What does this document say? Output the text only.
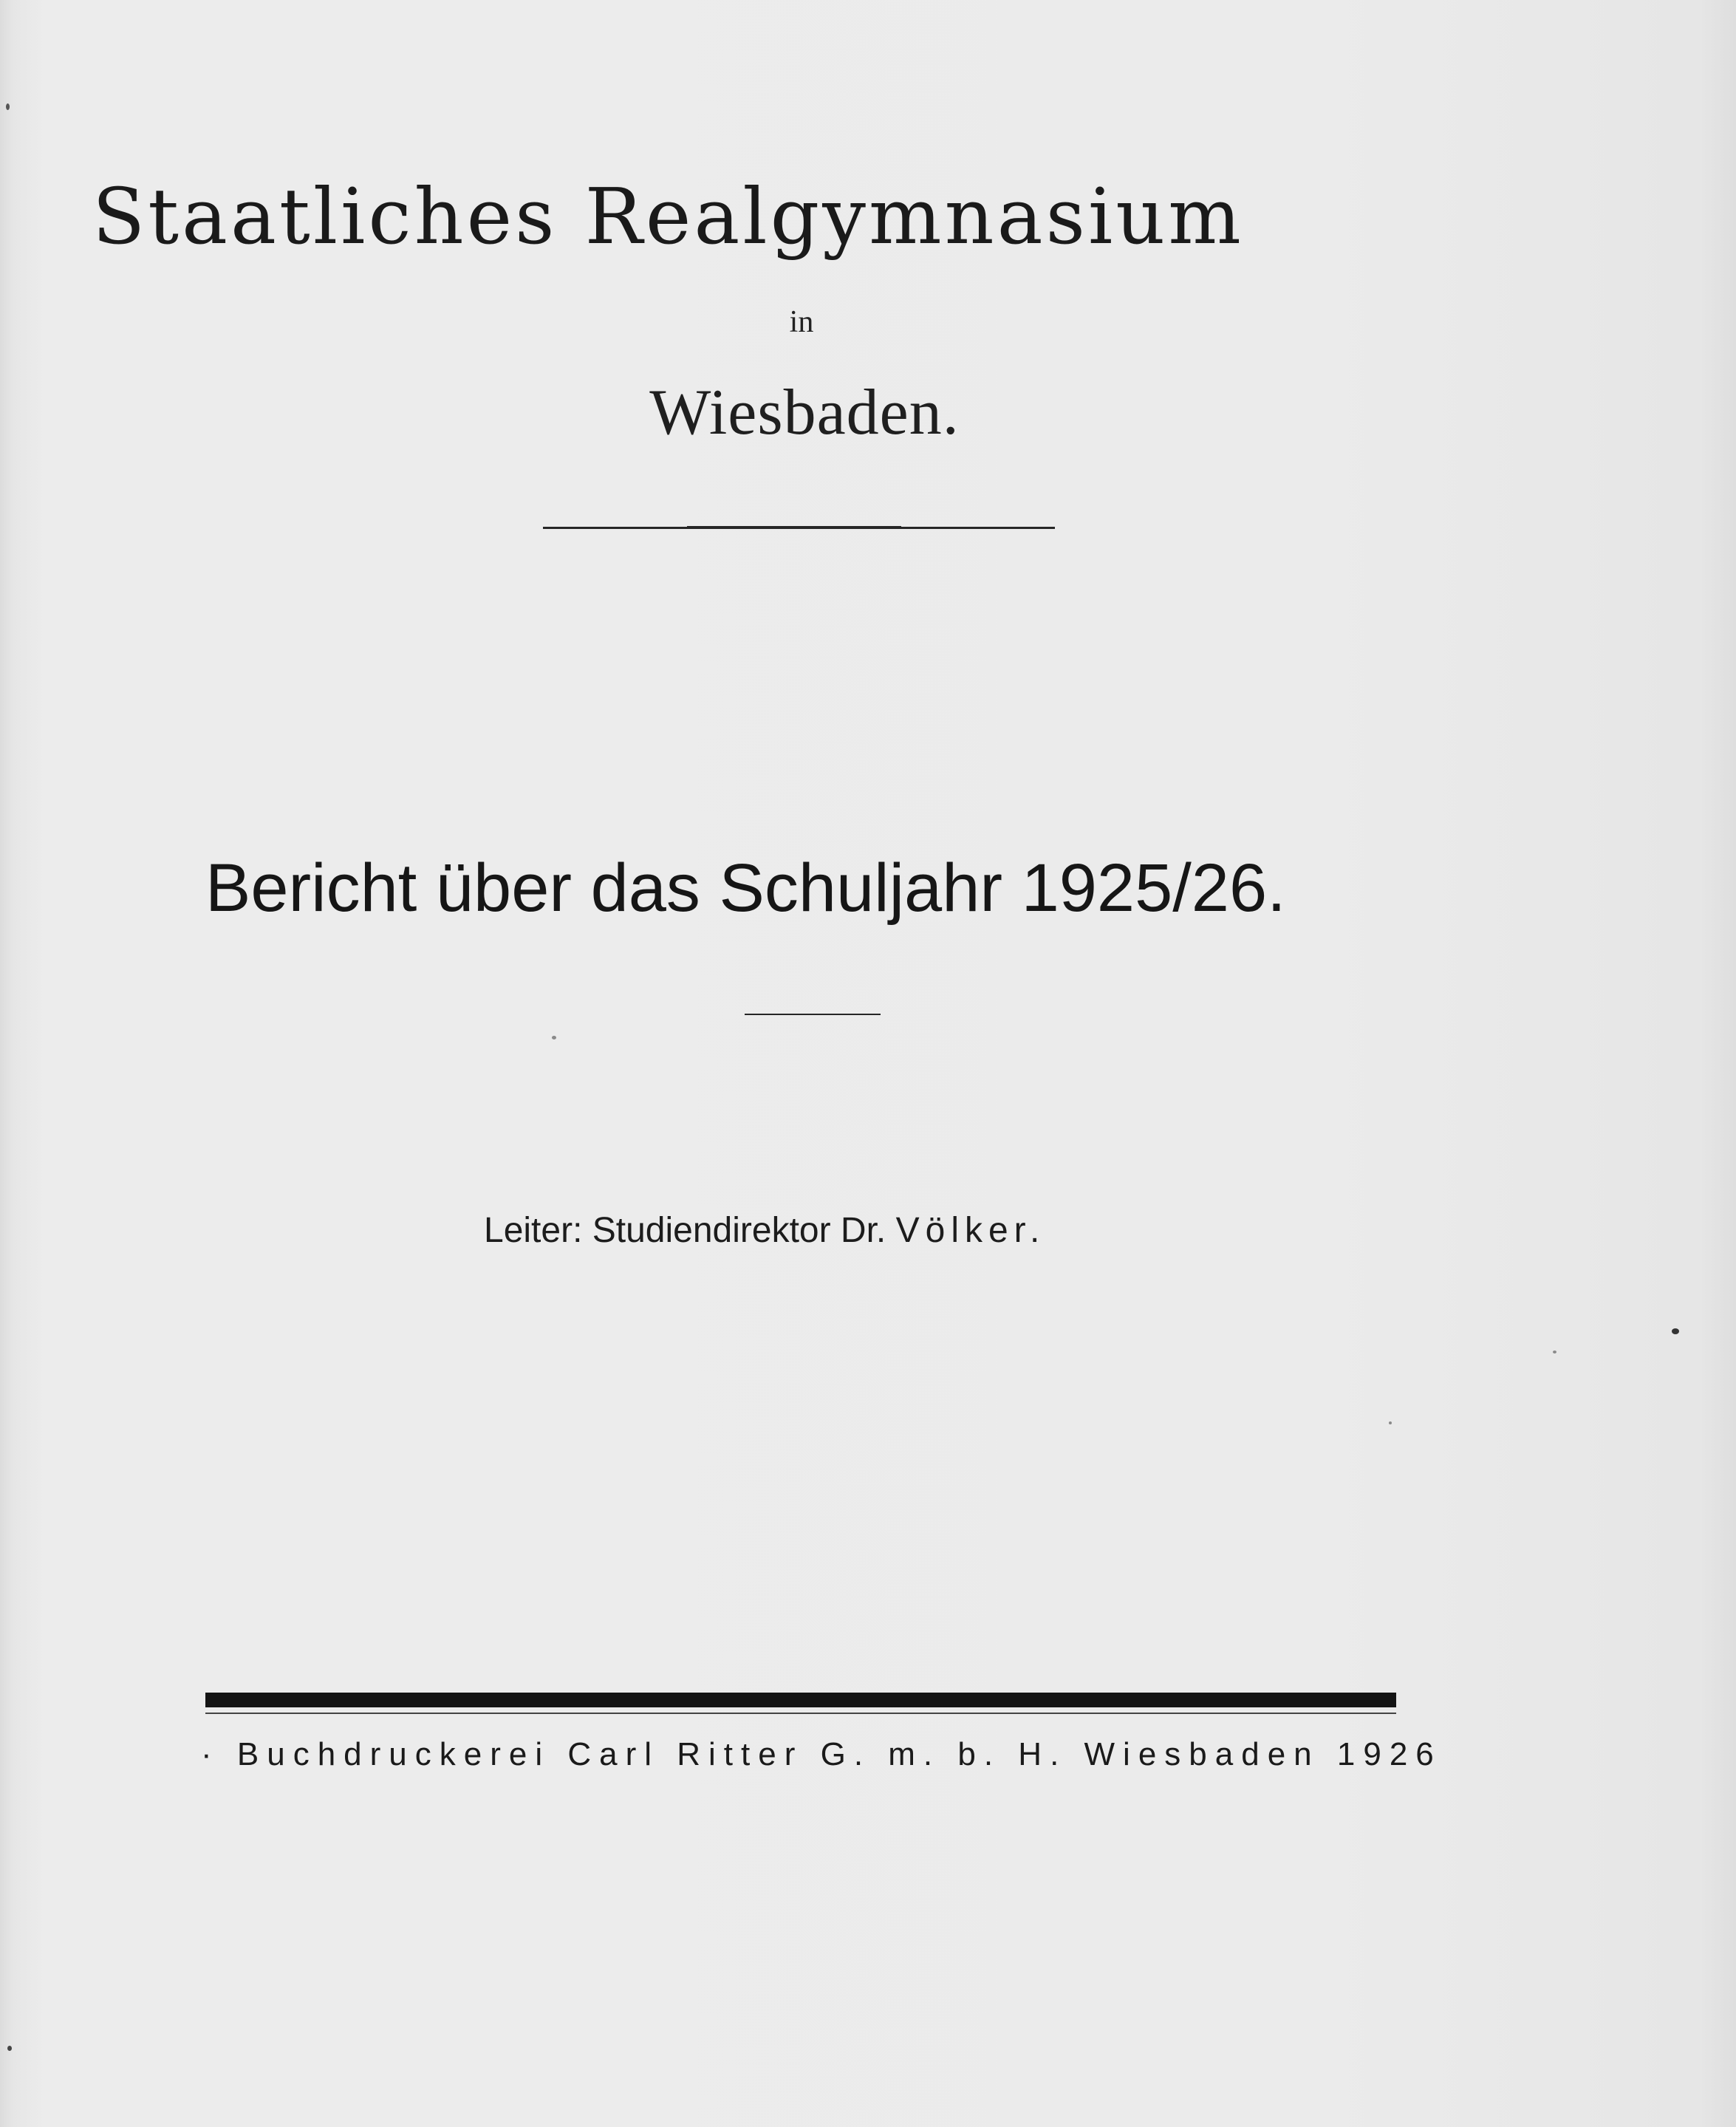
Staatliches Realgymnasium
in
Wiesbaden.
Bericht über das Schuljahr 1925/26.
Leiter: Studiendirektor Dr. Völker.
· Buchdruckerei Carl Ritter G. m. b. H. Wiesbaden 1926
